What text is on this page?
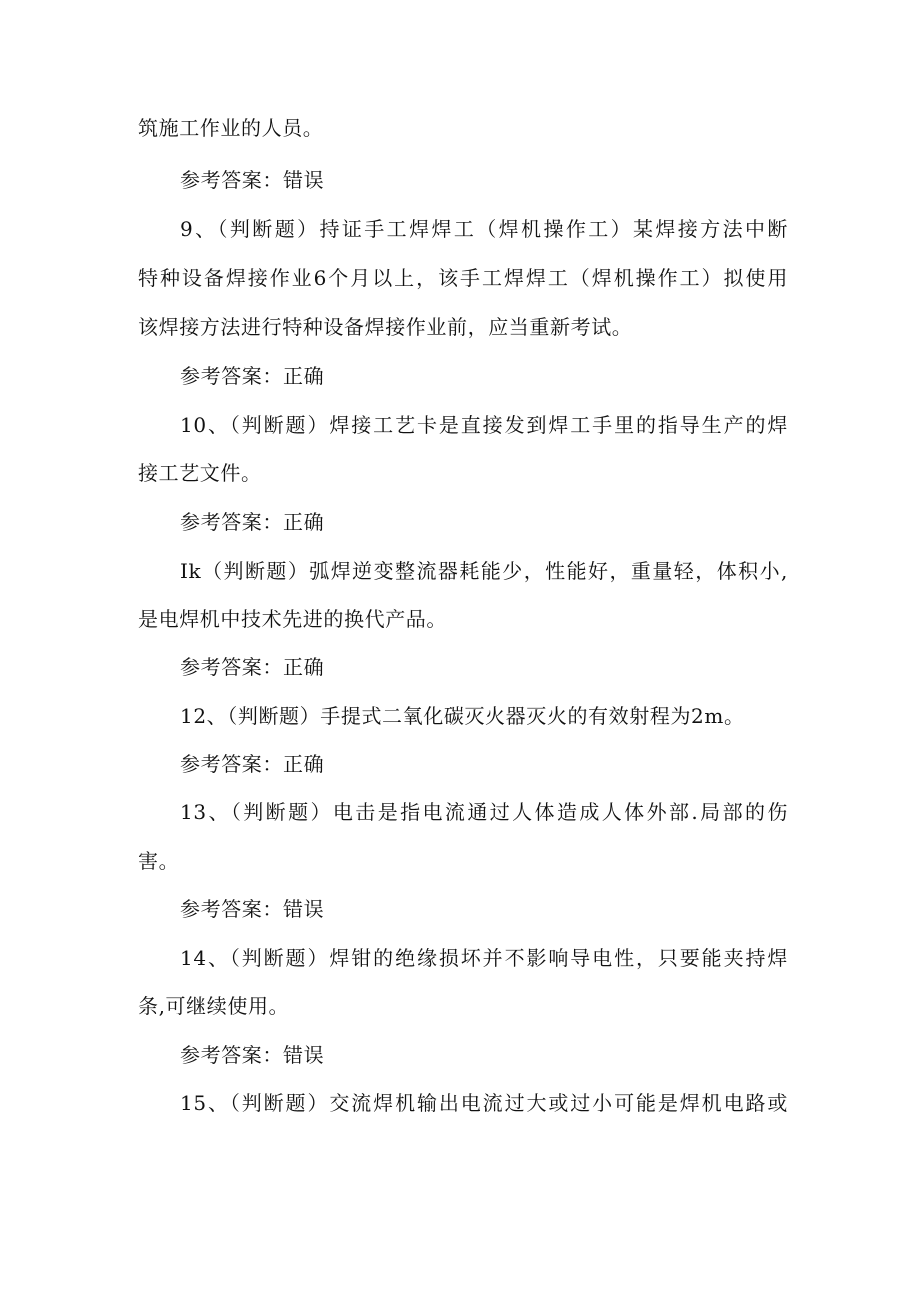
筑施工作业的人员。
参考答案：错误
9、（判断题）持证手工焊焊工（焊机操作工）某焊接方法中断
特种设备焊接作业6个月以上，该手工焊焊工（焊机操作工）拟使用
该焊接方法进行特种设备焊接作业前，应当重新考试。
参考答案：正确
10、（判断题）焊接工艺卡是直接发到焊工手里的指导生产的焊
接工艺文件。
参考答案：正确
Ik（判断题）弧焊逆变整流器耗能少，性能好，重量轻，体积小,
是电焊机中技术先进的换代产品。
参考答案：正确
12、（判断题）手提式二氧化碳灭火器灭火的有效射程为2m。
参考答案：正确
13、（判断题）电击是指电流通过人体造成人体外部.局部的伤
害。
参考答案：错误
14、（判断题）焊钳的绝缘损坏并不影响导电性，只要能夹持焊
条,可继续使用。
参考答案：错误
15、（判断题）交流焊机输出电流过大或过小可能是焊机电路或
